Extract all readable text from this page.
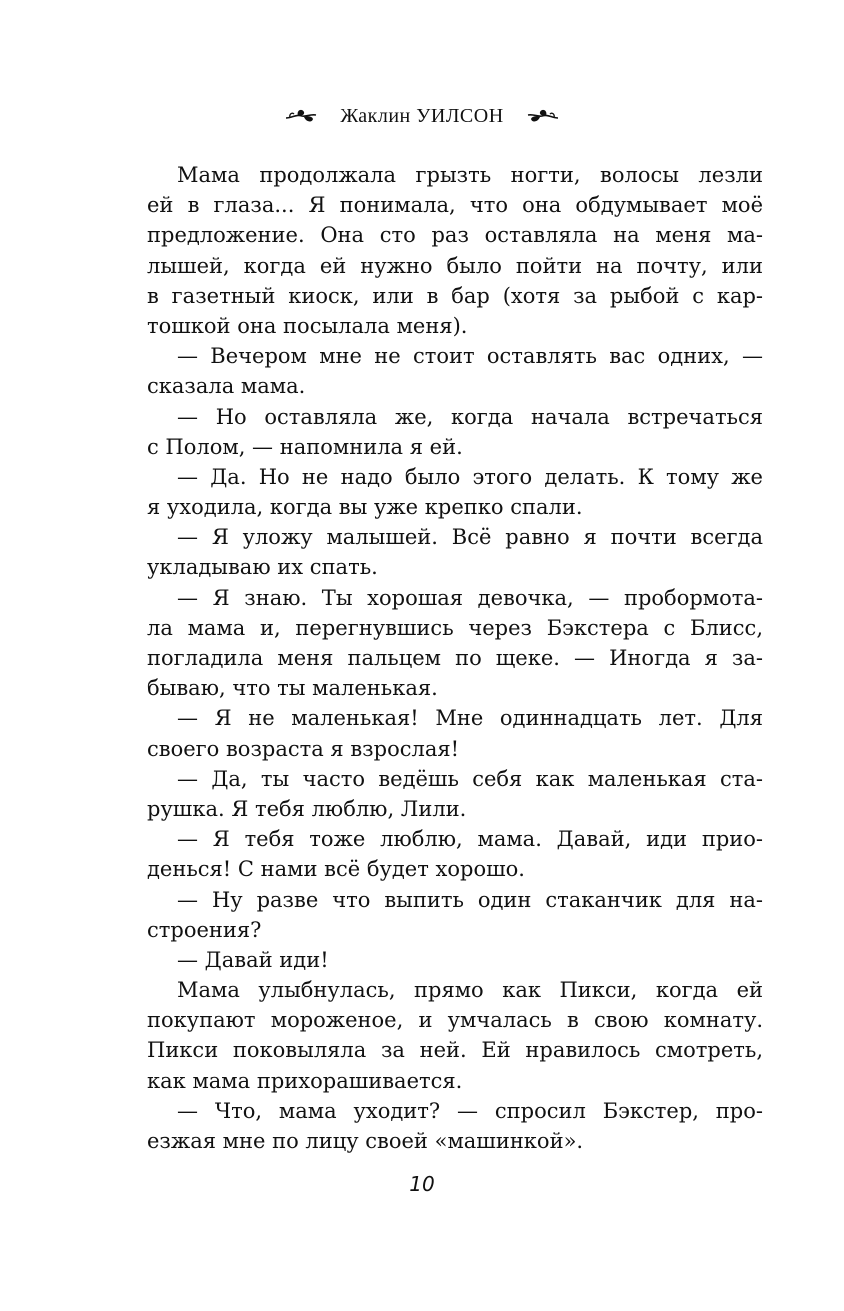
Жаклин УИЛСОН
Мама продолжала грызть ногти, волосы лезли
ей в глаза... Я понимала, что она обдумывает моё
предложение. Она сто раз оставляла на меня ма-
лышей, когда ей нужно было пойти на почту, или
в газетный киоск, или в бар (хотя за рыбой с кар-
тошкой она посылала меня).
— Вечером мне не стоит оставлять вас одних, —
сказала мама.
— Но оставляла же, когда начала встречаться
с Полом, — напомнила я ей.
— Да. Но не надо было этого делать. К тому же
я уходила, когда вы уже крепко спали.
— Я уложу малышей. Всё равно я почти всегда
укладываю их спать.
— Я знаю. Ты хорошая девочка, — пробормота-
ла мама и, перегнувшись через Бэкстера с Блисс,
погладила меня пальцем по щеке. — Иногда я за-
бываю, что ты маленькая.
— Я не маленькая! Мне одиннадцать лет. Для
своего возраста я взрослая!
— Да, ты часто ведёшь себя как маленькая ста-
рушка. Я тебя люблю, Лили.
— Я тебя тоже люблю, мама. Давай, иди прио-
денься! С нами всё будет хорошо.
— Ну разве что выпить один стаканчик для на-
строения?
— Давай иди!
Мама улыбнулась, прямо как Пикси, когда ей
покупают мороженое, и умчалась в свою комнату.
Пикси поковыляла за ней. Ей нравилось смотреть,
как мама прихорашивается.
— Что, мама уходит? — спросил Бэкстер, про-
езжая мне по лицу своей «машинкой».
10
